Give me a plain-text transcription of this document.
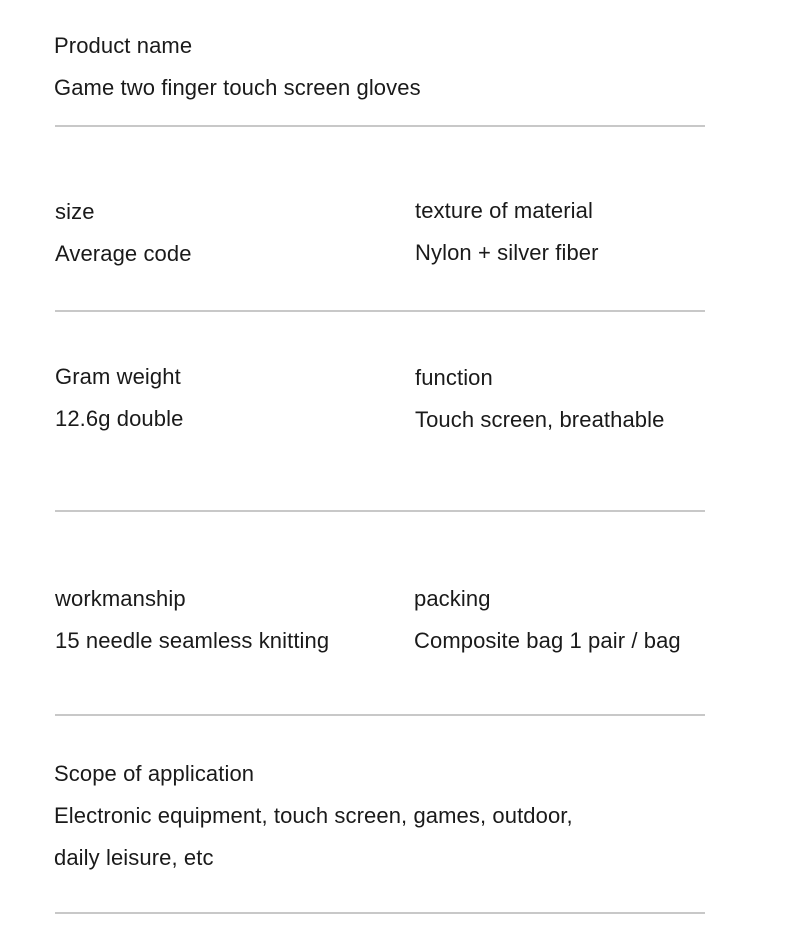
Product name
Game two finger touch screen gloves
size
Average code
texture of material
Nylon + silver fiber
Gram weight
12.6g double
function
Touch screen, breathable
workmanship
15 needle seamless knitting
packing
Composite bag 1 pair / bag
Scope of application
Electronic equipment, touch screen, games, outdoor,
daily leisure, etc
